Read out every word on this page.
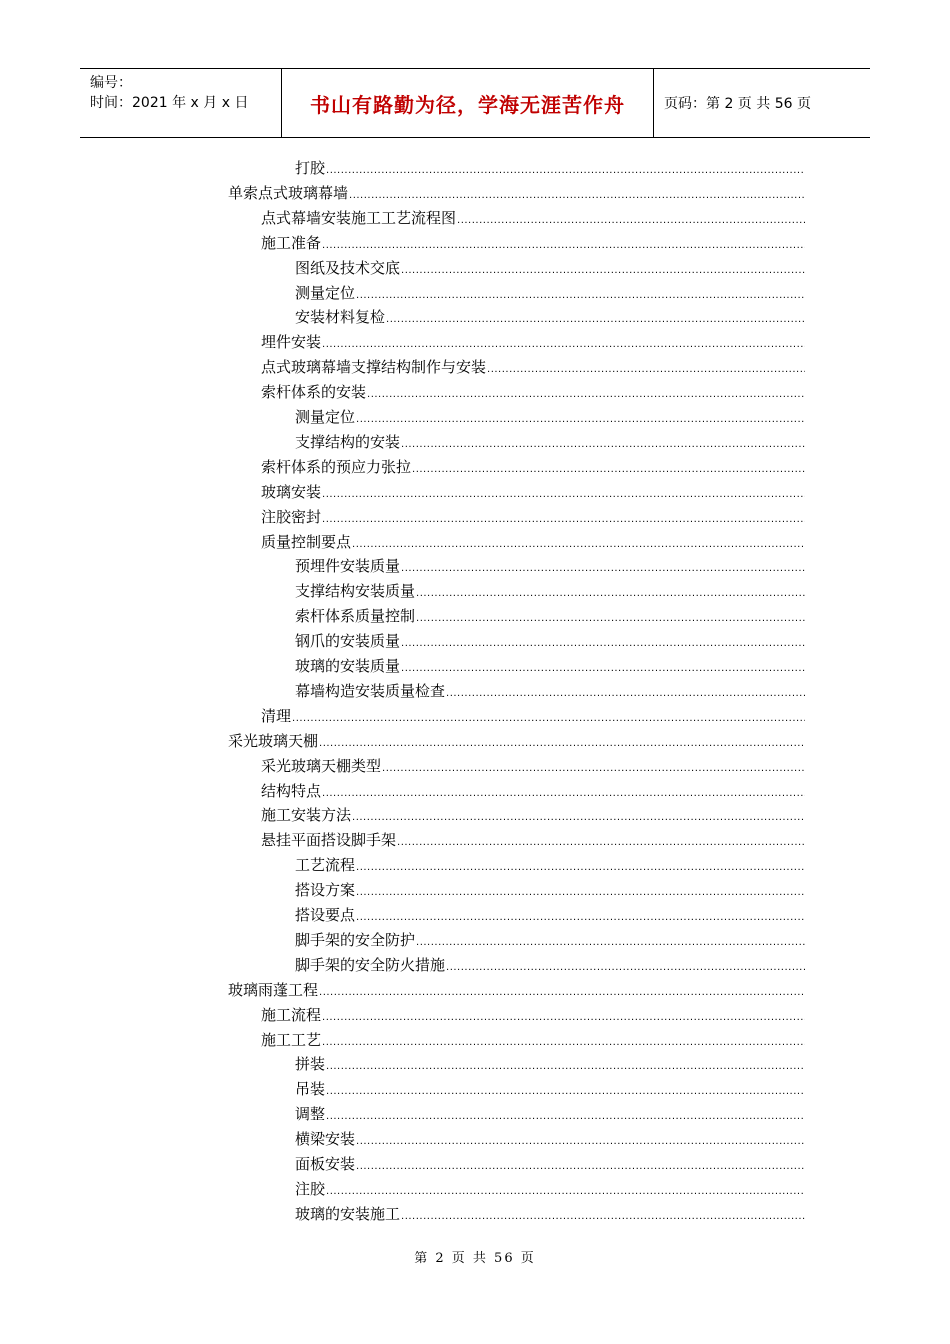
编号：
时间：2021 年 x 月 x 日	书山有路勤为径，学海无涯苦作舟	页码：第 2 页 共 56 页
打胶
.....
单索点式玻璃幕墙
.....
点式幕墙安装施工工艺流程图
.....
施工准备
.....
图纸及技术交底
.....
测量定位
.....
安装材料复检
.....
埋件安装
.....
点式玻璃幕墙支撑结构制作与安装
.....
索杆体系的安装
.....
测量定位
.....
支撑结构的安装
.....
索杆体系的预应力张拉
.....
玻璃安装
.....
注胶密封
.....
质量控制要点
.....
预埋件安装质量
.....
支撑结构安装质量
.....
索杆体系质量控制
.....
钢爪的安装质量
.....
玻璃的安装质量
.....
幕墙构造安装质量检查
.....
清理
.....
采光玻璃天棚
.....
采光玻璃天棚类型
.....
结构特点
.....
施工安装方法
.....
悬挂平面搭设脚手架
.....
工艺流程
.....
搭设方案
.....
搭设要点
.....
脚手架的安全防护
.....
脚手架的安全防火措施
.....
玻璃雨蓬工程
.....
施工流程
.....
施工工艺
.....
拼装
.....
吊装
.....
调整
.....
横梁安装
.....
面板安装
.....
注胶
.....
玻璃的安装施工
.....
第 2 页 共 56 页
